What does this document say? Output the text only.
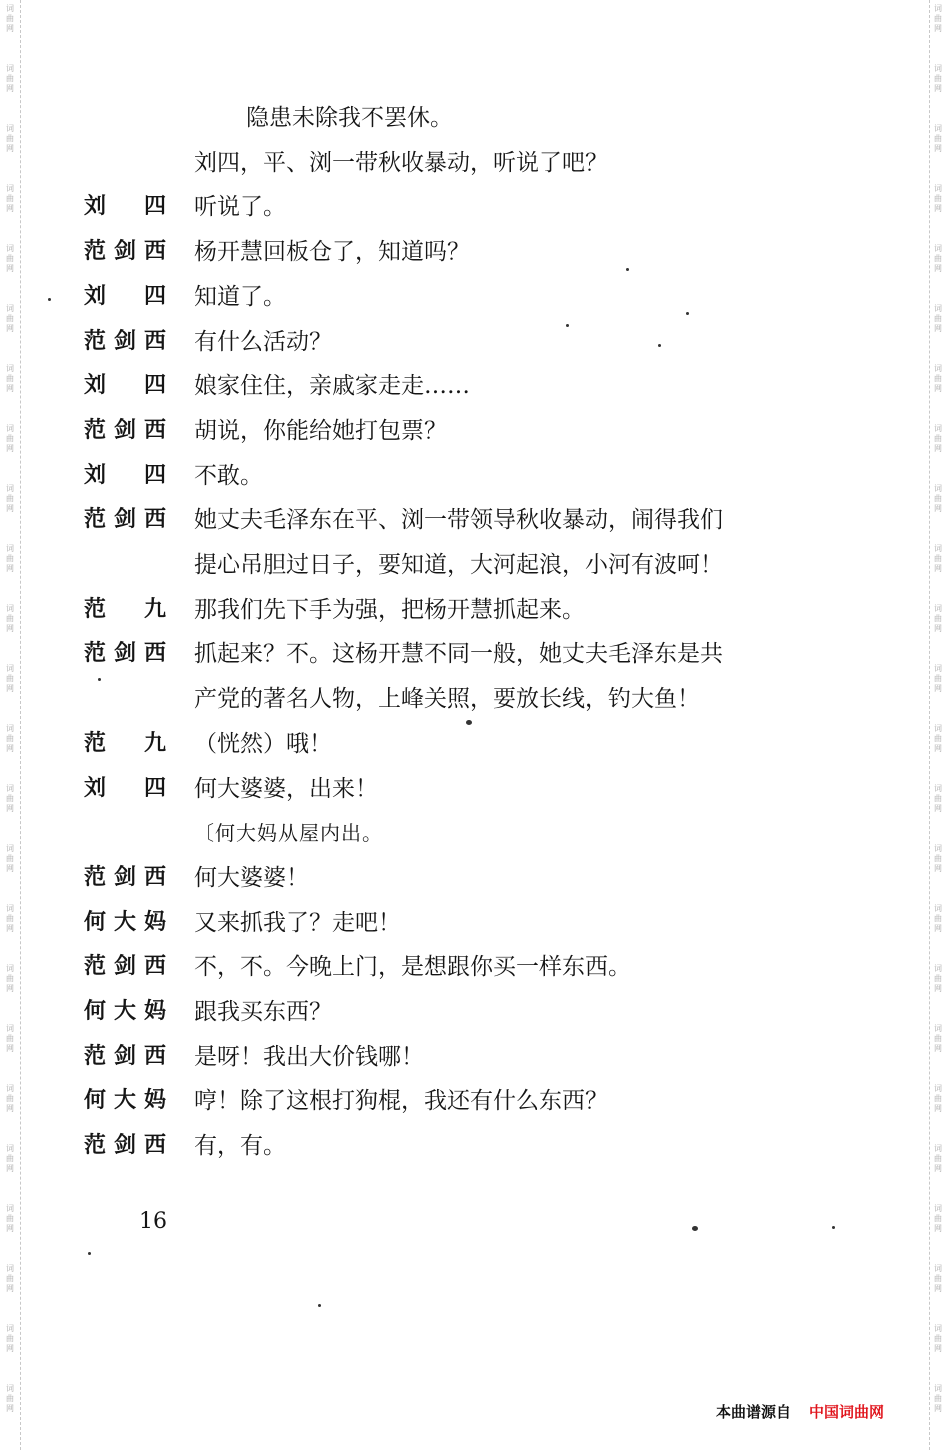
词
曲
网
词
曲
网
词
曲
网
词
曲
网
词
曲
网
词
曲
网
词
曲
网
词
曲
网
词
曲
网
词
曲
网
词
曲
网
词
曲
网
词
曲
网
词
曲
网
词
曲
网
词
曲
网
词
曲
网
词
曲
网
词
曲
网
词
曲
网
词
曲
网
词
曲
网
词
曲
网
词
曲
网
词
曲
网
词
曲
网
词
曲
网
词
曲
网
词
曲
网
词
曲
网
词
曲
网
词
曲
网
词
曲
网
词
曲
网
词
曲
网
词
曲
网
词
曲
网
词
曲
网
词
曲
网
词
曲
网
词
曲
网
词
曲
网
词
曲
网
词
曲
网
词
曲
网
词
曲
网
词
曲
网
词
曲
网
隐患未除我不罢休。
刘四，平、浏一带秋收暴动，听说了吧？
刘　四 听说了。
范剑西 杨开慧回板仓了，知道吗？
刘　四 知道了。
范剑西 有什么活动？
刘　四 娘家住住，亲戚家走走……
范剑西 胡说，你能给她打包票？
刘　四 不敢。
范剑西 她丈夫毛泽东在平、浏一带领导秋收暴动，闹得我们
提心吊胆过日子，要知道，大河起浪，小河有波呵！
范　九 那我们先下手为强，把杨开慧抓起来。
范剑西 抓起来？不。这杨开慧不同一般，她丈夫毛泽东是共
产党的著名人物，上峰关照，要放长线，钓大鱼！
范　九 （恍然）哦！
刘　四 何大婆婆，出来！
〔何大妈从屋内出。
范剑西 何大婆婆！
何大妈 又来抓我了？走吧！
范剑西 不，不。今晚上门，是想跟你买一样东西。
何大妈 跟我买东西？
范剑西 是呀！我出大价钱哪！
何大妈 哼！除了这根打狗棍，我还有什么东西？
范剑西 有，有。
16
本曲谱源自 中国词曲网
